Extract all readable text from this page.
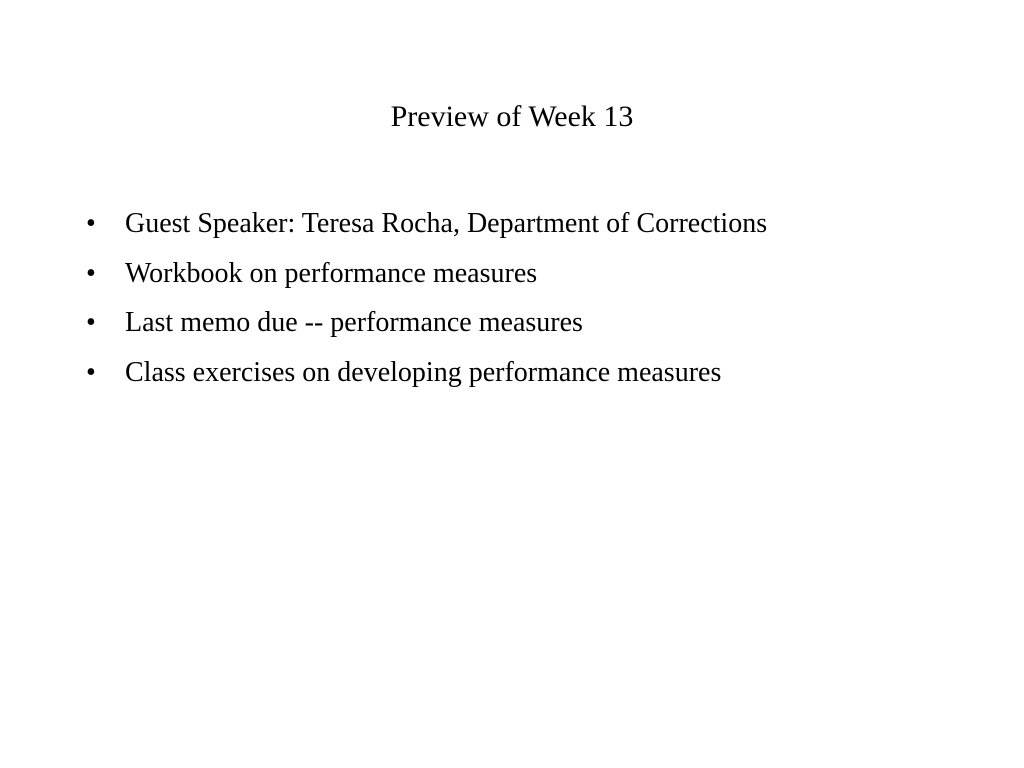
Preview of Week 13
•	Guest Speaker: Teresa Rocha, Department of Corrections
•	Workbook on performance measures
•	Last memo due -- performance measures
•	Class exercises on developing performance measures
